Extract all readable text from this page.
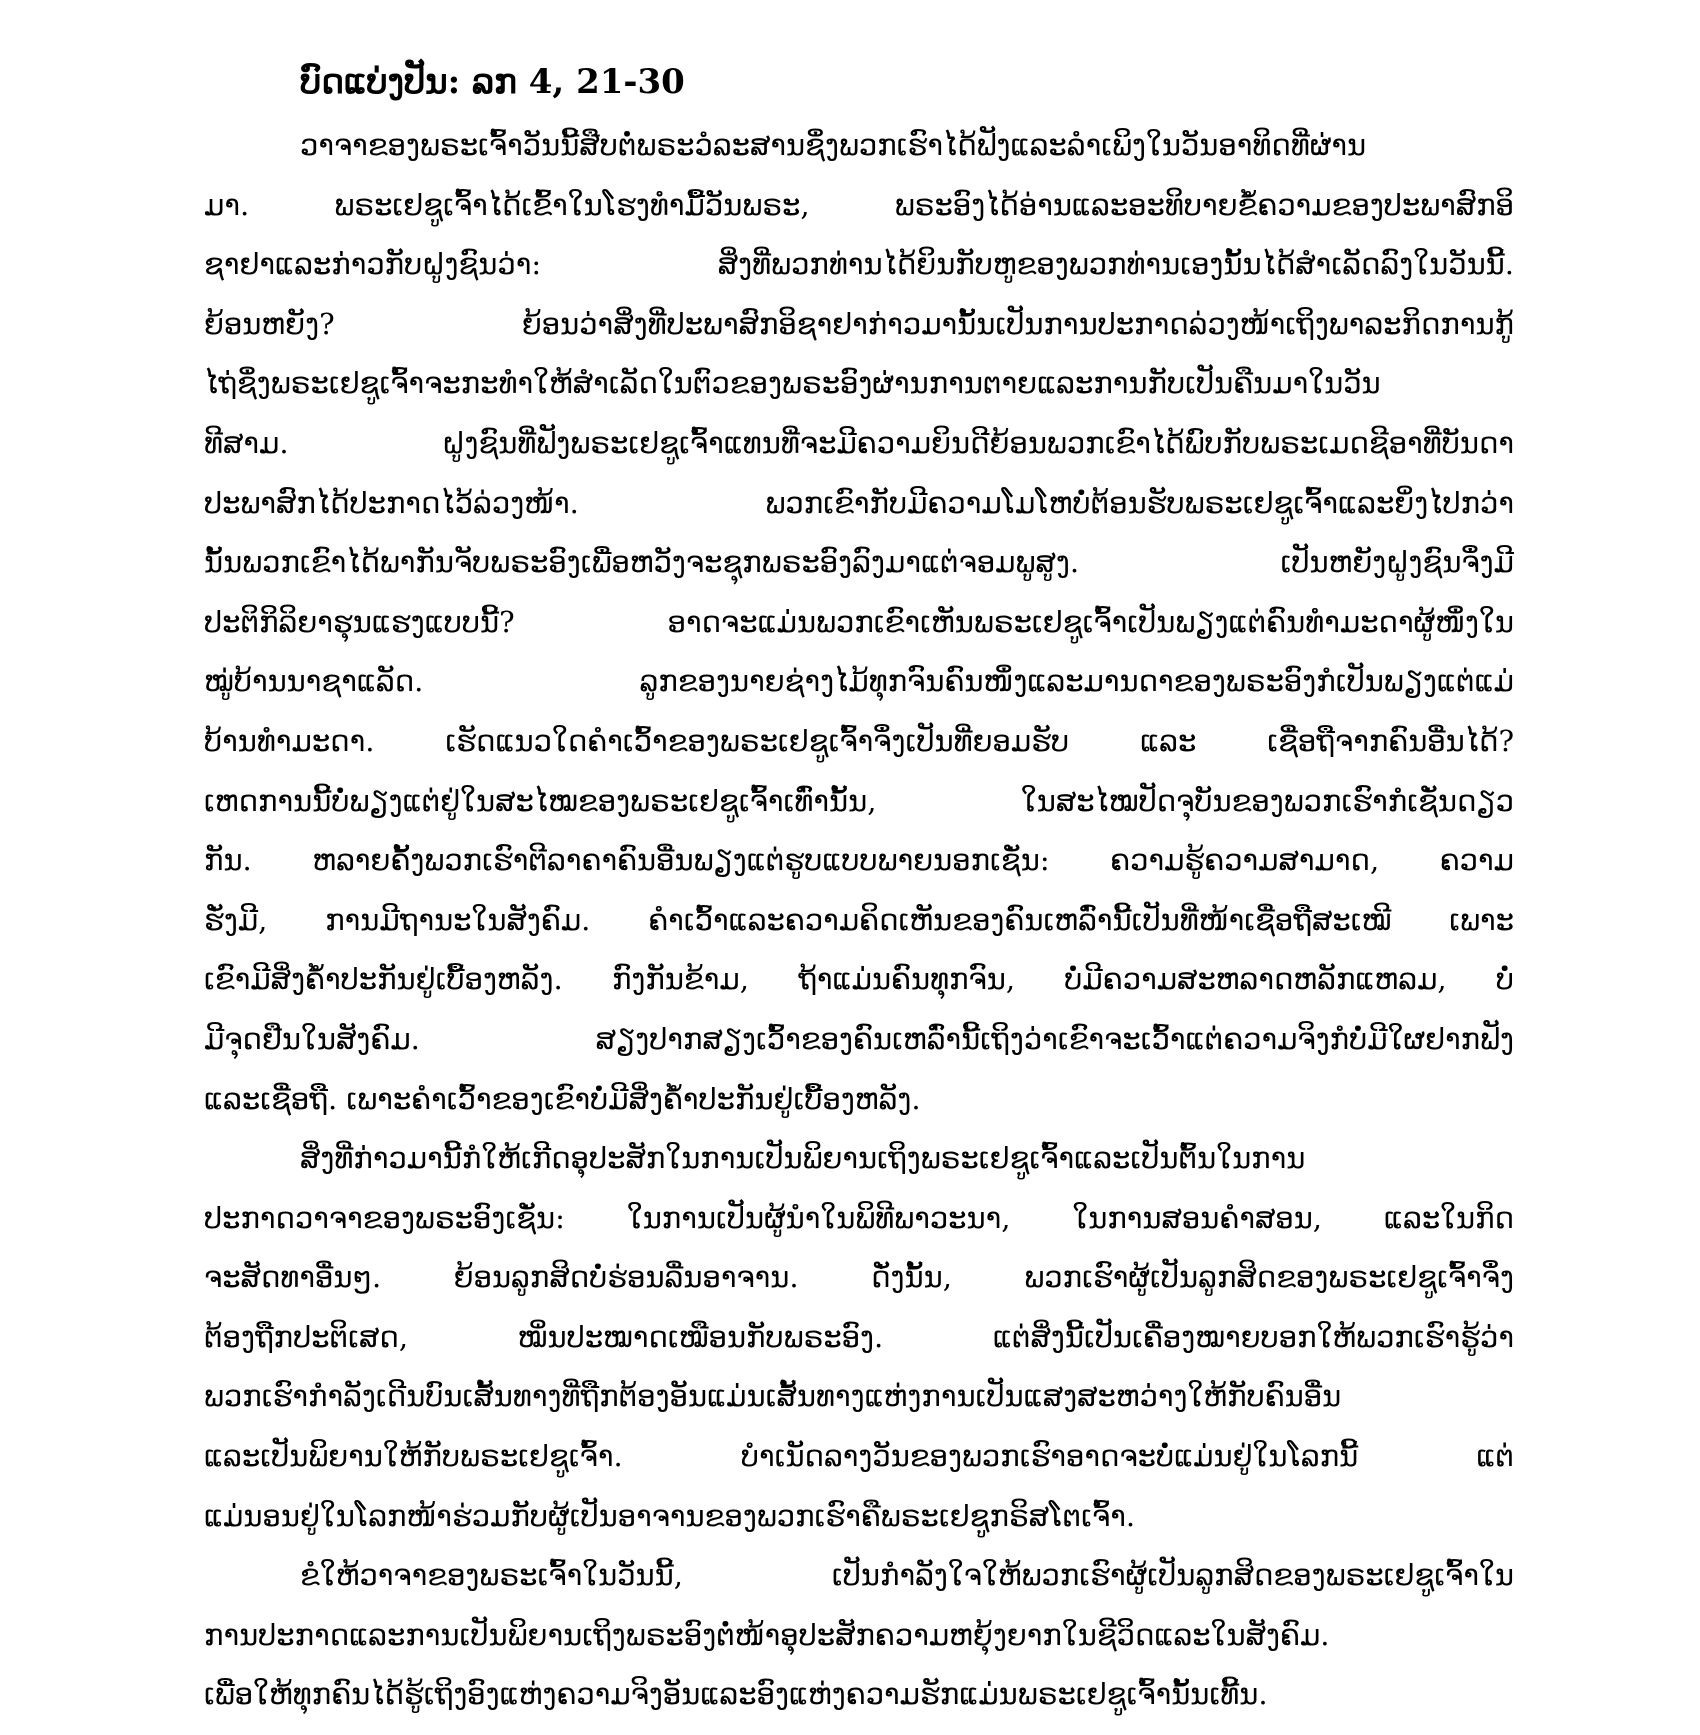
ບົດແບ່ງປັນ: ລກ 4, 21-30
ວາຈາຂອງພຣະເຈົ້າວັນນີ້ສືບຕໍ່ພຣະວໍລະສານຊຶ່ງພວກເຮົາໄດ້ຟັງແລະລຳເພິງໃນວັນອາທິດທີ່ຜ່ານ
ມາ. ພຣະເຢຊູເຈົ້າໄດ້ເຂົ້າໃນໂຮງທຳມື້ວັນພຣະ, ພຣະອົງໄດ້ອ່ານແລະອະທິບາຍຂໍ້ຄວາມຂອງປະພາສົກອິ
ຊາຢາແລະກ່າວກັບຝູງຊົນວ່າ: ສິ່ງທີ່ພວກທ່ານໄດ້ຍິນກັບຫູຂອງພວກທ່ານເອງນັ້ນໄດ້ສຳເລັດລົງໃນວັນນີ້.
ຍ້ອນຫຍັງ? ຍ້ອນວ່າສິ່ງທີ່ປະພາສົກອິຊາຢາກ່າວມານັ້ນເປັນການປະກາດລ່ວງໜ້າເຖິງພາລະກິດການກູ້
ໄຖ່ຊຶ່ງພຣະເຢຊູເຈົ້າຈະກະທຳໃຫ້ສຳເລັດໃນຕົວຂອງພຣະອົງຜ່ານການຕາຍແລະການກັບເປັນຄືນມາໃນວັນ
ທີສາມ. ຝູງຊົນທີ່ຟັງພຣະເຢຊູເຈົ້າແທນທີ່ຈະມີຄວາມຍິນດີຍ້ອນພວກເຂົາໄດ້ພົບກັບພຣະເມດຊີອາທີ່ບັນດາ
ປະພາສົກໄດ້ປະກາດໄວ້ລ່ວງໜ້າ. ພວກເຂົາກັບມີຄວາມໂມໂຫບໍ່ຕ້ອນຮັບພຣະເຢຊູເຈົ້າແລະຍິ່ງໄປກວ່າ
ນັ້ນພວກເຂົາໄດ້ພາກັນຈັບພຣະອົງເພື່ອຫວັງຈະຊຸກພຣະອົງລົງມາແຕ່ຈອມພູສູງ. ເປັນຫຍັງຝູງຊົນຈຶ່ງມີ
ປະຕິກິລິຍາຮຸນແຮງແບບນີ້? ອາດຈະແມ່ນພວກເຂົາເຫັນພຣະເຢຊູເຈົ້າເປັນພຽງແຕ່ຄົນທຳມະດາຜູ້ໜຶ່ງໃນ
ໝູ່ບ້ານນາຊາແລັດ. ລູກຂອງນາຍຊ່າງໄມ້ທຸກຈົນຄົນໜຶ່ງແລະມານດາຂອງພຣະອົງກໍເປັນພຽງແຕ່ແມ່
ບ້ານທຳມະດາ. ເຮັດແນວໃດຄຳເວົ້າຂອງພຣະເຢຊູເຈົ້າຈຶ່ງເປັນທີ່ຍອມຮັບ ແລະ ເຊື່ອຖືຈາກຄົນອື່ນໄດ້?
ເຫດການນີ້ບໍ່ພຽງແຕ່ຢູ່ໃນສະໄໝຂອງພຣະເຢຊູເຈົ້າເທົ່ານັ້ນ, ໃນສະໄໝປັດຈຸບັນຂອງພວກເຮົາກໍເຊັ່ນດຽວ
ກັນ. ຫລາຍຄັ້ງພວກເຮົາຕີລາຄາຄົນອື່ນພຽງແຕ່ຮູບແບບພາຍນອກເຊັ່ນ: ຄວາມຮູ້ຄວາມສາມາດ, ຄວາມ
ຮັ່ງມີ, ການມີຖານະໃນສັງຄົມ. ຄຳເວົ້າແລະຄວາມຄິດເຫັນຂອງຄົນເຫລົ່ານີ້ເປັນທີ່ໜ້າເຊື່ອຖືສະເໝີ ເພາະ
ເຂົາມີສິ່ງຄ້ຳປະກັນຢູ່ເບື້ອງຫລັງ. ກົງກັນຂ້າມ, ຖ້າແມ່ນຄົນທຸກຈົນ, ບໍ່ມີຄວາມສະຫລາດຫລັກແຫລມ, ບໍ່
ມີຈຸດຢືນໃນສັງຄົມ. ສຽງປາກສຽງເວົ້າຂອງຄົນເຫລົ່ານີ້ເຖິງວ່າເຂົາຈະເວົ້າແຕ່ຄວາມຈິງກໍບໍ່ມີໃຜຢາກຟັງ
ແລະເຊື່ອຖື. ເພາະຄຳເວົ້າຂອງເຂົາບໍ່ມີສິ່ງຄ້ຳປະກັນຢູ່ເບື້ອງຫລັງ.
ສິ່ງທີ່ກ່າວມານີ້ກໍໃຫ້ເກີດອຸປະສັກໃນການເປັນພິຍານເຖິງພຣະເຢຊູເຈົ້າແລະເປັນຕົ້ນໃນການ
ປະກາດວາຈາຂອງພຣະອົງເຊັ່ນ: ໃນການເປັນຜູ້ນຳໃນພິທີພາວະນາ, ໃນການສອນຄຳສອນ, ແລະໃນກິດ
ຈະສັດທາອື່ນໆ. ຍ້ອນລູກສິດບໍ່ຮ່ອນລື່ນອາຈານ. ດັ່ງນັ້ນ, ພວກເຮົາຜູ້ເປັນລູກສິດຂອງພຣະເຢຊູເຈົ້າຈຶ່ງ
ຕ້ອງຖືກປະຕິເສດ, ໝິ່ນປະໝາດເໝືອນກັບພຣະອົງ. ແຕ່ສິ່ງນີ້ເປັນເຄື່ອງໝາຍບອກໃຫ້ພວກເຮົາຮູ້ວ່າ
ພວກເຮົາກຳລັງເດີນບົນເສັ້ນທາງທີ່ຖືກຕ້ອງອັນແມ່ນເສັ້ນທາງແຫ່ງການເປັນແສງສະຫວ່າງໃຫ້ກັບຄົນອື່ນ
ແລະເປັນພິຍານໃຫ້ກັບພຣະເຢຊູເຈົ້າ. ບຳເນັດລາງວັນຂອງພວກເຮົາອາດຈະບໍ່ແມ່ນຢູ່ໃນໂລກນີ້ ແຕ່
ແມ່ນອນຢູ່ໃນໂລກໜ້າຮ່ວມກັບຜູ້ເປັນອາຈານຂອງພວກເຮົາຄືພຣະເຢຊູກຣິສໂຕເຈົ້າ.
ຂໍໃຫ້ວາຈາຂອງພຣະເຈົ້າໃນວັນນີ້, ເປັນກຳລັງໃຈໃຫ້ພວກເຮົາຜູ້ເປັນລູກສິດຂອງພຣະເຢຊູເຈົ້າໃນ
ການປະກາດແລະການເປັນພິຍານເຖິງພຣະອົງຕໍ່ໜ້າອຸປະສັກຄວາມຫຍຸ້ງຍາກໃນຊີວິດແລະໃນສັງຄົມ.
ເພື່ອໃຫ້ທຸກຄົນໄດ້ຮູ້ເຖິງອົງແຫ່ງຄວາມຈິງອັນແລະອົງແຫ່ງຄວາມຮັກແມ່ນພຣະເຢຊູເຈົ້ານັ້ນເທີ້ນ.
